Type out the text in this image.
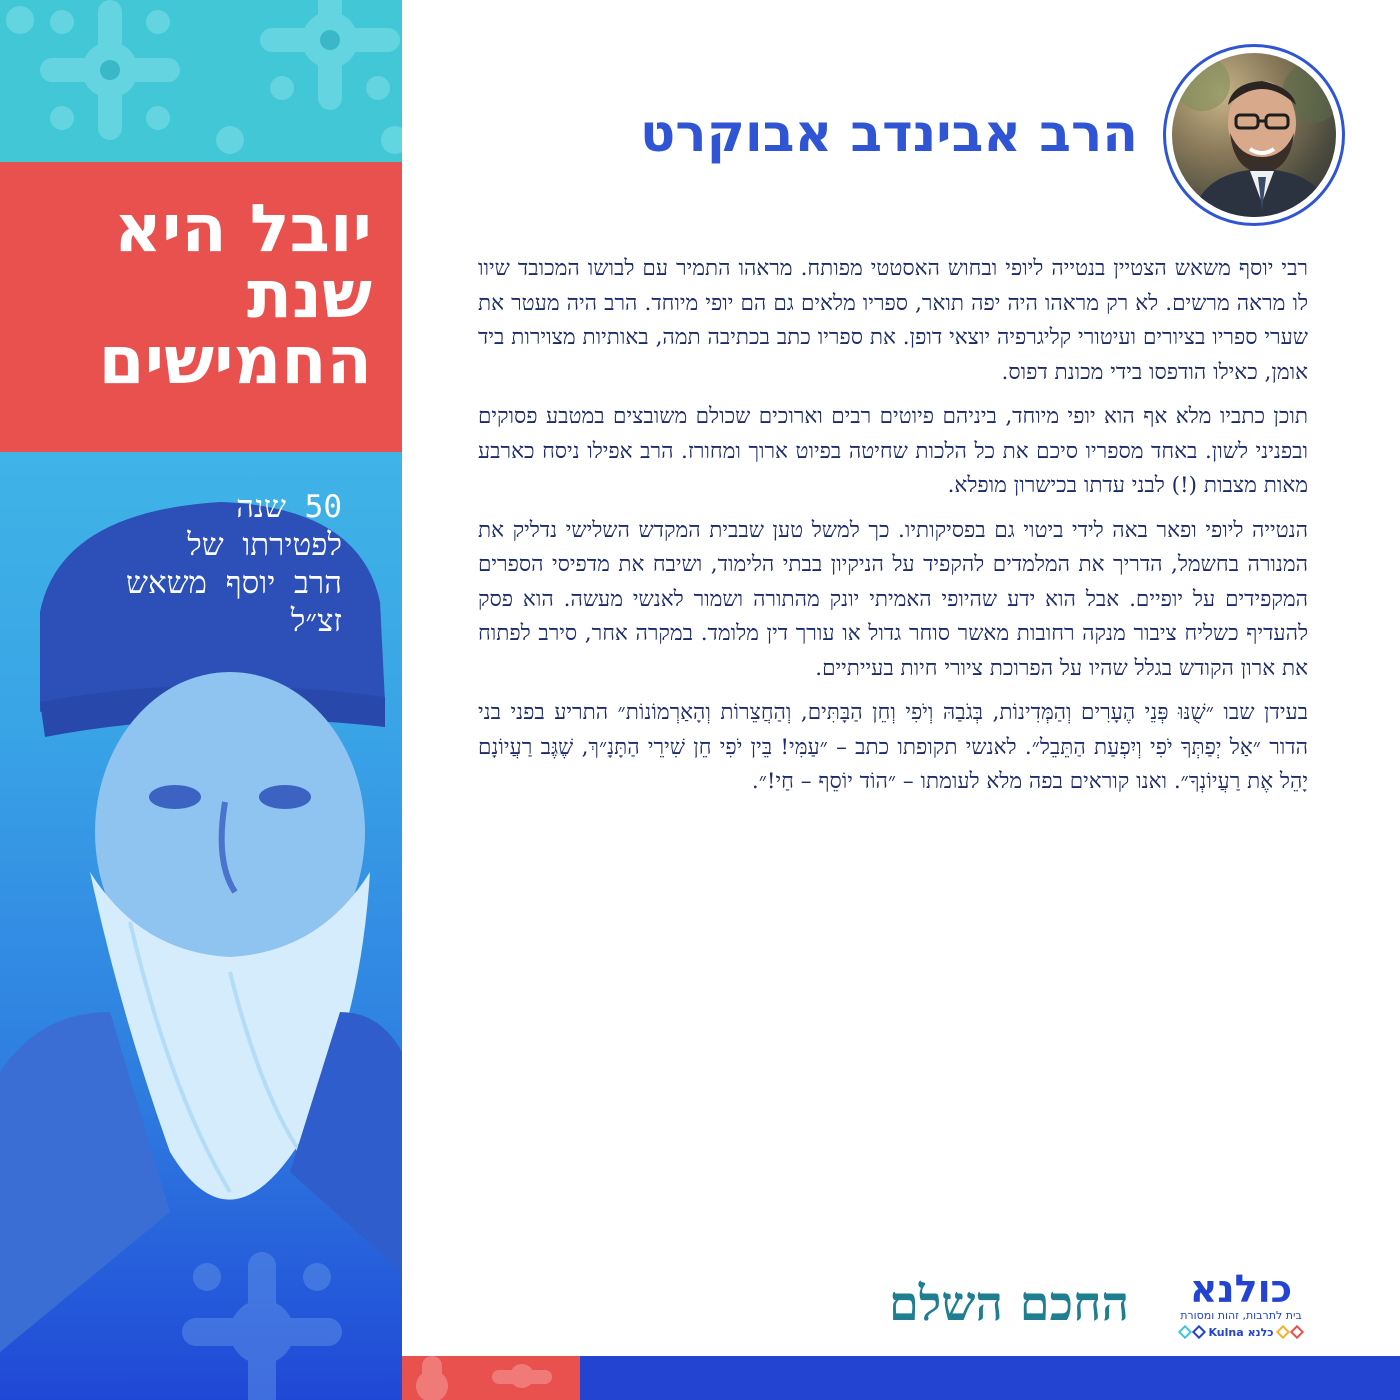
יובל היא
שנת
החמישים
50 שנה
לפטירתו של
הרב יוסף משאש
זצ״ל
הרב אבינדב אבוקרט

רבי יוסף משאש הצטיין בנטייה ליופי ובחוש האסטטי מפותח. מראהו התמיר עם לבושו המכובד שיוו לו מראה מרשים. לא רק מראהו היה יפה תואר, ספריו מלאים גם הם יופי מיוחד. הרב היה מעטר את שערי ספריו בציורים ועיטורי קליגרפיה יוצאי דופן. את ספריו כתב בכתיבה תמה, באותיות מצוירות ביד אומן, כאילו הודפסו בידי מכונת דפוס.

תוכן כתביו מלא אף הוא יופי מיוחד, ביניהם פיוטים רבים וארוכים שכולם משובצים במטבע פסוקים ובפניני לשון. באחד מספריו סיכם את כל הלכות שחיטה בפיוט ארוך ומחורז. הרב אפילו ניסח כארבע מאות מצבות (!) לבני עדתו בכישרון מופלא.

הנטייה ליופי ופאר באה לידי ביטוי גם בפסיקותיו. כך למשל טען שבבית המקדש השלישי נדליק את המנורה בחשמל, הדריך את המלמדים להקפיד על הניקיון בבתי הלימוד, ושיבח את מדפיסי הספרים המקפידים על יופיים. אבל הוא ידע שהיופי האמיתי יונק מהתורה ושמור לאנשי מעשה. הוא פסק להעדיף כשליח ציבור מנקה רחובות מאשר סוחר גדול או עורך דין מלומד. במקרה אחר, סירב לפתוח את ארון הקודש בגלל שהיו על הפרוכת ציורי חיות בעייתיים.

בעידן שבו ״שֻׁנּוּ פְּנֵי הֶעָרִים וְהַמְּדִינוֹת, בְּגֹבַהּ וְיֹפִי וְחֵן הַבָּתִּים, וְהַחֲצֵרוֹת וְהָאַרְמוֹנוֹת״ התריע בפני בני הדור ״אַל יְפַתְּךָ יֹפִי וְיִפְעַת הַתֵּבֵל״. לאנשי תקופתו כתב – ״עַמִּי! בֵּין יֹפִי חֵן שִׁירֵי הַתָּנָ״ךְ, שֶׁגֶּב רַעֲיוֹנָם יָהֵל אֶת רַעֲיוֹנְךָ״. ואנו קוראים בפה מלא לעומתו – ״הוֹד יוֹסֵף – חַי!״.

החכם השלם	כולנא
בית לתרבות, זהות ומסורת
Kulna כלנא
